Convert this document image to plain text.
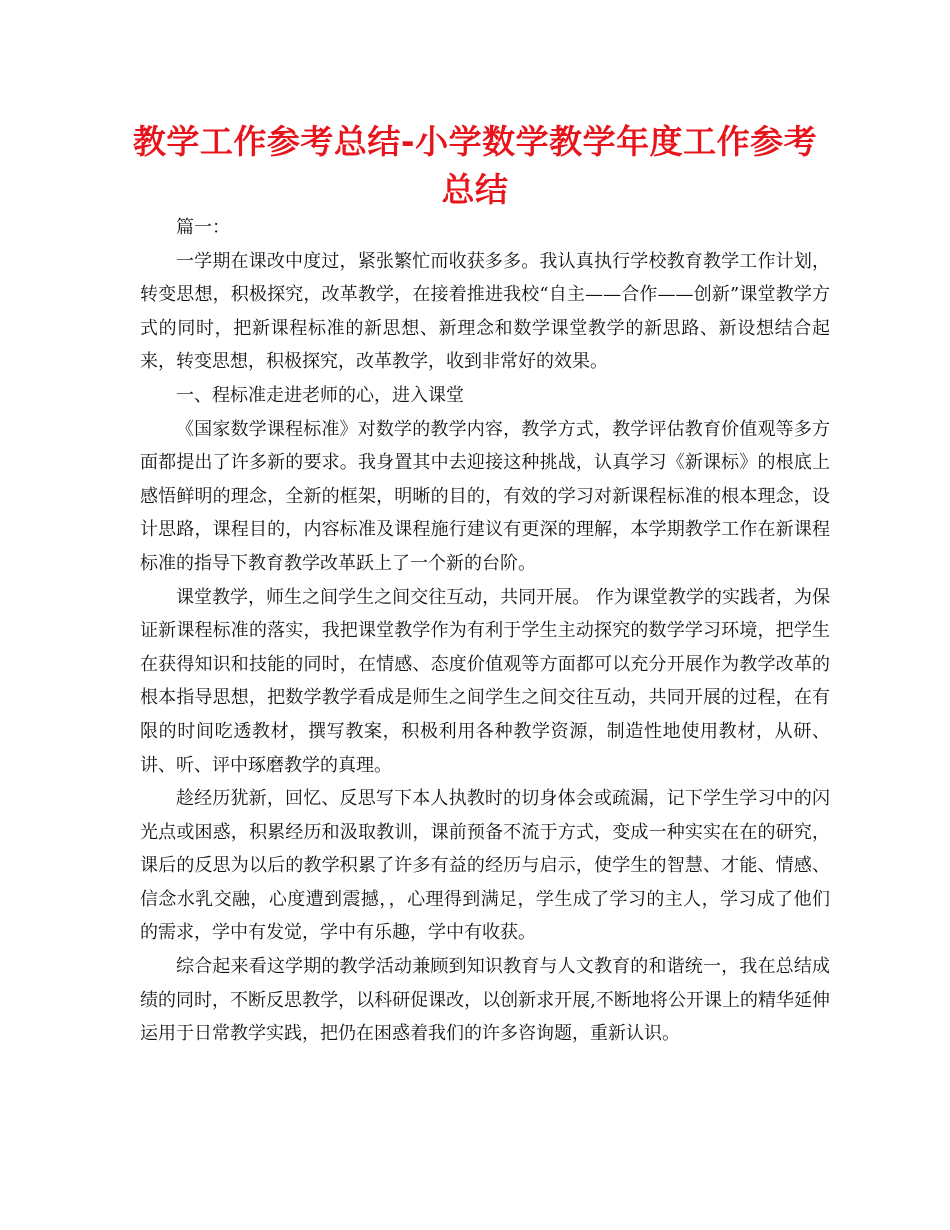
教学工作参考总结-小学数学教学年度工作参考总结

篇一：

一学期在课改中度过，紧张繁忙而收获多多。我认真执行学校教育教学工作计划，转变思想，积极探究，改革教学，在接着推进我校“自主——合作——创新”课堂教学方式的同时，把新课程标准的新思想、新理念和数学课堂教学的新思路、新设想结合起来，转变思想，积极探究，改革教学，收到非常好的效果。

一、程标准走进老师的心，进入课堂

《国家数学课程标准》对数学的教学内容，教学方式，教学评估教育价值观等多方面都提出了许多新的要求。我身置其中去迎接这种挑战，认真学习《新课标》的根底上感悟鲜明的理念，全新的框架，明晰的目的，有效的学习对新课程标准的根本理念，设计思路，课程目的，内容标准及课程施行建议有更深的理解，本学期教学工作在新课程标准的指导下教育教学改革跃上了一个新的台阶。

课堂教学，师生之间学生之间交往互动，共同开展。 作为课堂教学的实践者，为保证新课程标准的落实，我把课堂教学作为有利于学生主动探究的数学学习环境，把学生在获得知识和技能的同时，在情感、态度价值观等方面都可以充分开展作为教学改革的根本指导思想，把数学教学看成是师生之间学生之间交往互动，共同开展的过程，在有限的时间吃透教材，撰写教案，积极利用各种教学资源，制造性地使用教材，从研、讲、听、评中琢磨教学的真理。

趁经历犹新，回忆、反思写下本人执教时的切身体会或疏漏，记下学生学习中的闪光点或困惑，积累经历和汲取教训，课前预备不流于方式，变成一种实实在在的研究，课后的反思为以后的教学积累了许多有益的经历与启示，使学生的智慧、才能、情感、信念水乳交融，心度遭到震撼，，心理得到满足，学生成了学习的主人，学习成了他们的需求，学中有发觉，学中有乐趣，学中有收获。

综合起来看这学期的教学活动兼顾到知识教育与人文教育的和谐统一，我在总结成绩的同时，不断反思教学，以科研促课改，以创新求开展,不断地将公开课上的精华延伸运用于日常教学实践，把仍在困惑着我们的许多咨询题，重新认识。
